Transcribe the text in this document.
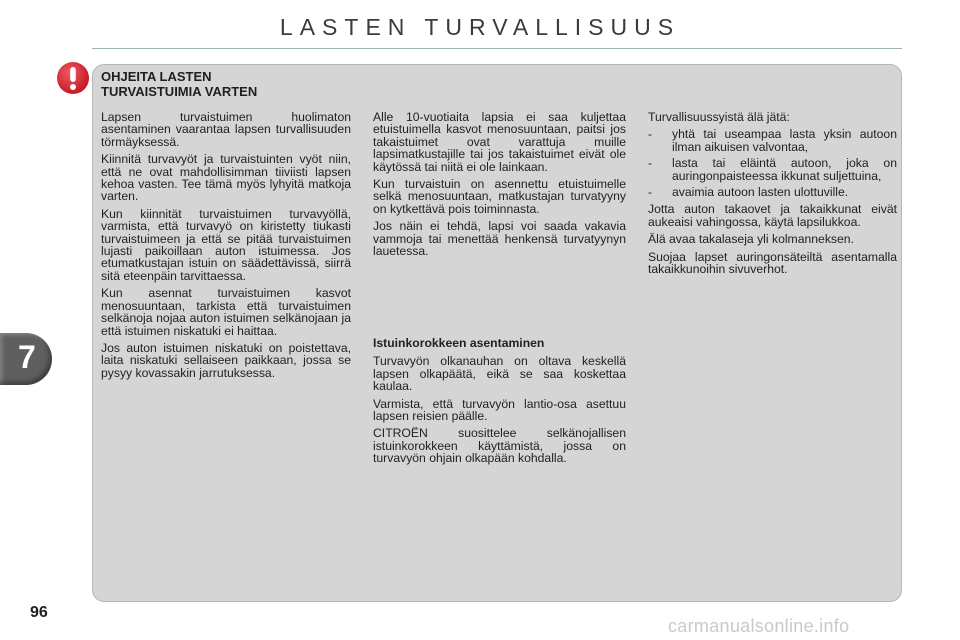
LASTEN TURVALLISUUS
7
OHJEITA LASTEN
TURVAISTUIMIA VARTEN

Lapsen turvaistuimen huolimaton asentaminen vaarantaa lapsen turvallisuuden törmäyksessä.

Kiinnitä turvavyöt ja turvaistuinten vyöt niin, että ne ovat mahdollisimman tiiviisti lapsen kehoa vasten. Tee tämä myös lyhyitä matkoja varten.

Kun kiinnität turvaistuimen turvavyöllä, varmista, että turvavyö on kiristetty tiukasti turvaistuimeen ja että se pitää turvaistuimen lujasti paikoillaan auton istuimessa. Jos etumatkustajan istuin on säädettävissä, siirrä sitä eteenpäin tarvittaessa.

Kun asennat turvaistuimen kasvot menosuuntaan, tarkista että turvaistuimen selkänoja nojaa auton istuimen selkänojaan ja että istuimen niskatuki ei haittaa.

Jos auton istuimen niskatuki on poistettava, laita niskatuki sellaiseen paikkaan, jossa se pysyy kovassakin jarrutuksessa.

Alle 10-vuotiaita lapsia ei saa kuljettaa etuistuimella kasvot menosuuntaan, paitsi jos takaistuimet ovat varattuja muille lapsimatkustajille tai jos takaistuimet eivät ole käytössä tai niitä ei ole lainkaan.

Kun turvaistuin on asennettu etuistuimelle selkä menosuuntaan, matkustajan turvatyyny on kytkettävä pois toiminnasta.

Jos näin ei tehdä, lapsi voi saada vakavia vammoja tai menettää henkensä turvatyynyn lauetessa.

Istuinkorokkeen asentaminen

Turvavyön olkanauhan on oltava keskellä lapsen olkapäätä, eikä se saa koskettaa kaulaa.

Varmista, että turvavyön lantio-osa asettuu lapsen reisien päälle.

CITROËN suosittelee selkänojallisen istuinkorokkeen käyttämistä, jossa on turvavyön ohjain olkapään kohdalla.

Turvallisuussyistä älä jätä:

- yhtä tai useampaa lasta yksin autoon ilman aikuisen valvontaa,
- lasta tai eläintä autoon, joka on auringonpaisteessa ikkunat suljettuina,
- avaimia autoon lasten ulottuville.

Jotta auton takaovet ja takaikkunat eivät aukeaisi vahingossa, käytä lapsilukkoa.

Älä avaa takalaseja yli kolmanneksen.

Suojaa lapset auringonsäteiltä asentamalla takaikkunoihin sivuverhot.

96
carmanualsonline.info
